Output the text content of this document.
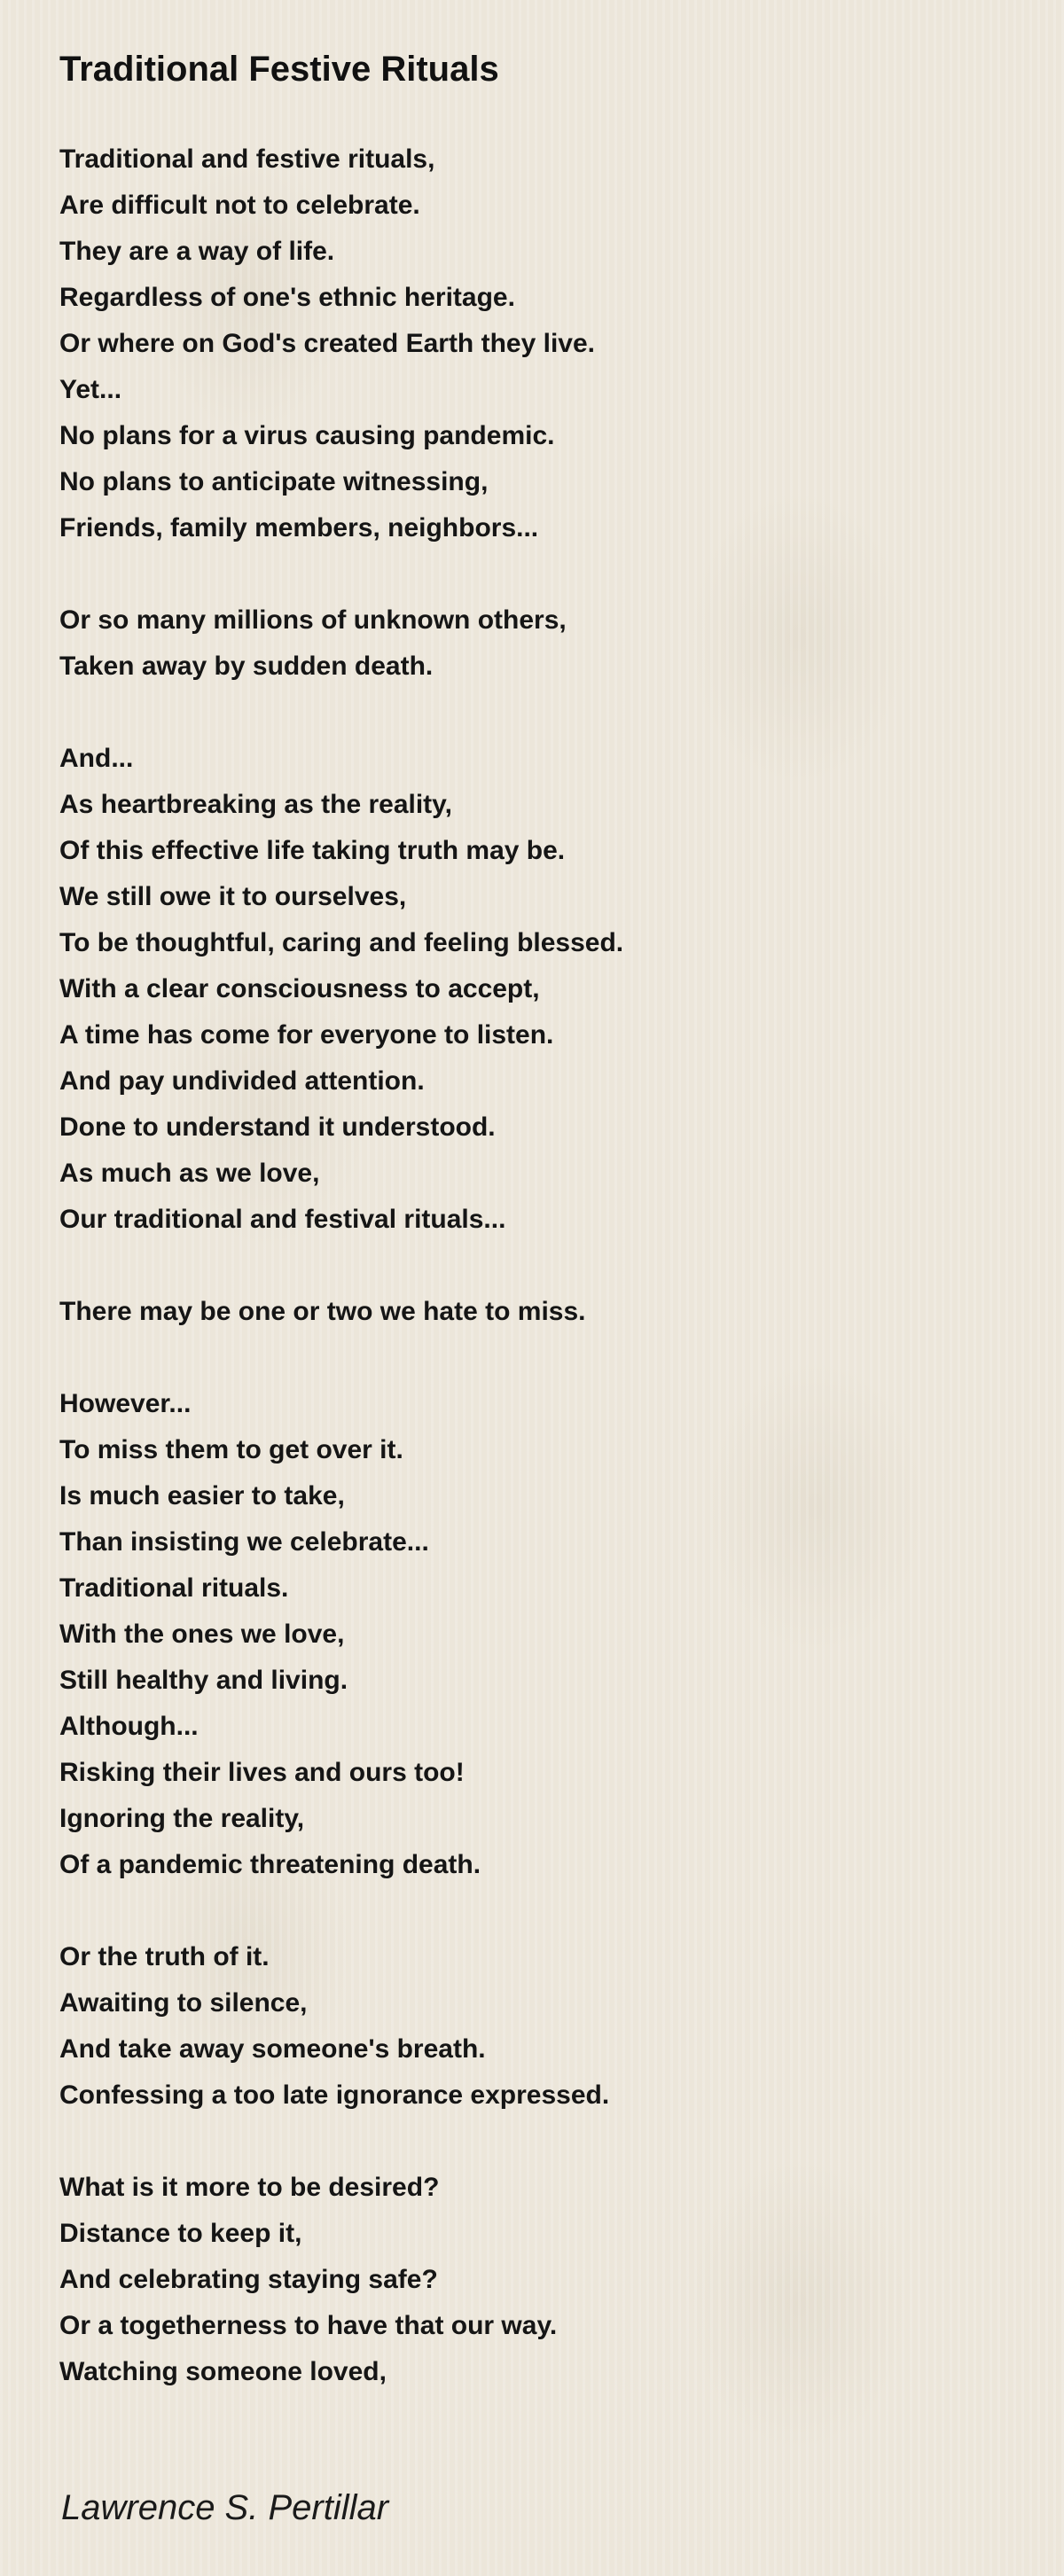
Traditional Festive Rituals
Traditional and festive rituals,
Are difficult not to celebrate.
They are a way of life.
Regardless of one's ethnic heritage.
Or where on God's created Earth they live.
Yet...
No plans for a virus causing pandemic.
No plans to anticipate witnessing,
Friends, family members, neighbors...
Or so many millions of unknown others,
Taken away by sudden death.
And...
As heartbreaking as the reality,
Of this effective life taking truth may be.
We still owe it to ourselves,
To be thoughtful, caring and feeling blessed.
With a clear consciousness to accept,
A time has come for everyone to listen.
And pay undivided attention.
Done to understand it understood.
As much as we love,
Our traditional and festival rituals...
There may be one or two we hate to miss.
However...
To miss them to get over it.
Is much easier to take,
Than insisting we celebrate...
Traditional rituals.
With the ones we love,
Still healthy and living.
Although...
Risking their lives and ours too!
Ignoring the reality,
Of a pandemic threatening death.
Or the truth of it.
Awaiting to silence,
And take away someone's breath.
Confessing a too late ignorance expressed.
What is it more to be desired?
Distance to keep it,
And celebrating staying safe?
Or a togetherness to have that our way.
Watching someone loved,
Lawrence S. Pertillar
